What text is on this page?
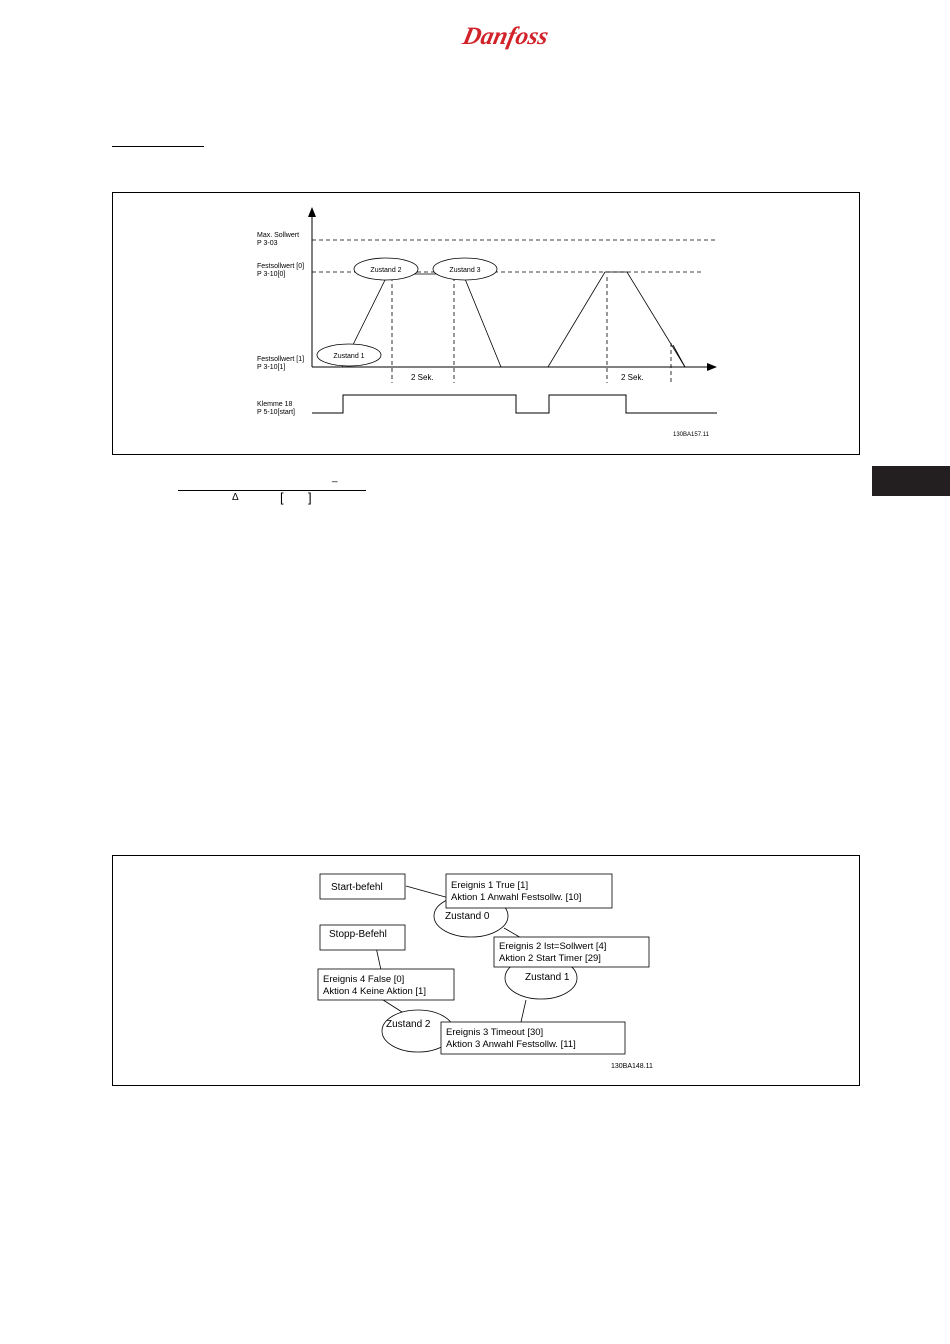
Danfoss
Max. Sollwert
P 3-03
Festsollwert [0]
P 3-10[0]
Festsollwert [1]
P 3-10[1]
2 Sek.	2 Sek.
Zustand 1
Zustand 2	Zustand 3
Klemme 18
P 5-10[start]
130BA157.11
_
Δ	[ ]
Zustand 0
Zustand 1
Zustand 2
Start-befehl	Ereignis 1 True [1]
Aktion 1 Anwahl Festsollw. [10]
Stopp-Befehl
Ereignis 2 Ist=Sollwert [4]
Aktion 2 Start Timer [29]
Ereignis 4 False [0]
Aktion 4 Keine Aktion [1]
Ereignis 3 Timeout [30]
Aktion 3 Anwahl Festsollw. [11]
130BA148.11
